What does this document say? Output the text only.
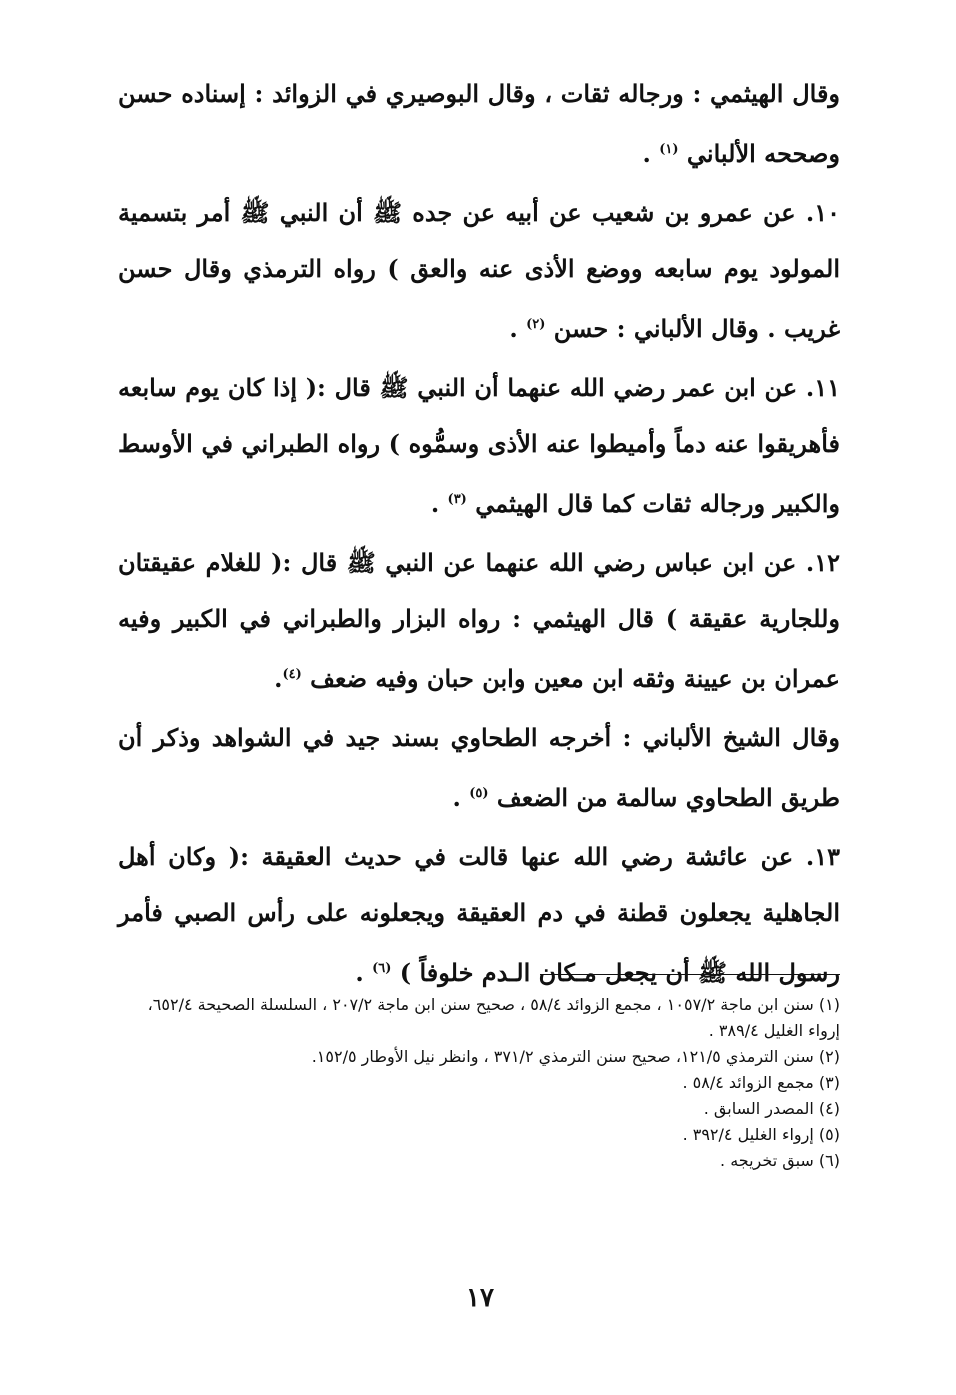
وقال الهيثمي : ورجاله ثقات ، وقال البوصيري في الزوائد : إسناده حسن وصححه الألباني $^{(١)}$ .

١٠. عن عمرو بن شعيب عن أبيه عن جده ﷺ أن النبي ﷺ أمر بتسمية المولود يوم سابعه ووضع الأذى عنه والعق ) رواه الترمذي وقال حسن غريب . وقال الألباني : حسن $^{(٢)}$ .

١١. عن ابن عمر رضي الله عنهما أن النبي ﷺ قال :( إذا كان يوم سابعه فأهريقوا عنه دماً وأميطوا عنه الأذى وسمُّوه ) رواه الطبراني في الأوسط والكبير ورجاله ثقات كما قال الهيثمي $^{(٣)}$ .

١٢. عن ابن عباس رضي الله عنهما عن النبي ﷺ قال :( للغلام عقيقتان وللجارية عقيقة ) قال الهيثمي : رواه البزار والطبراني في الكبير وفيه عمران بن عيينة وثقه ابن معين وابن حبان وفيه ضعف $^{(٤)}$.

وقال الشيخ الألباني : أخرجه الطحاوي بسند جيد في الشواهد وذكر أن طريق الطحاوي سالمة من الضعف $^{(٥)}$ .

١٣. عن عائشة رضي الله عنها قالت في حديث العقيقة :( وكان أهل الجاهلية يجعلون قطنة في دم العقيقة ويجعلونه على رأس الصبي فأمر رسول الله ﷺ أن يجعل مـكان الـدم خلوفاً ) $^{(٦)}$ .

(١) سنن ابن ماجة ١٠٥٧/٢ ، مجمع الزوائد ٥٨/٤ ، صحيح سنن ابن ماجة ٢٠٧/٢ ، السلسلة الصحيحة ٦٥٢/٤، إرواء الغليل ٣٨٩/٤ .

(٢) سنن الترمذي ١٢١/٥، صحيح سنن الترمذي ٣٧١/٢ ، وانظر نيل الأوطار ١٥٢/٥.

(٣) مجمع الزوائد ٥٨/٤ .

(٤) المصدر السابق .

(٥) إرواء الغليل ٣٩٢/٤ .

(٦) سبق تخريجه .

١٧
